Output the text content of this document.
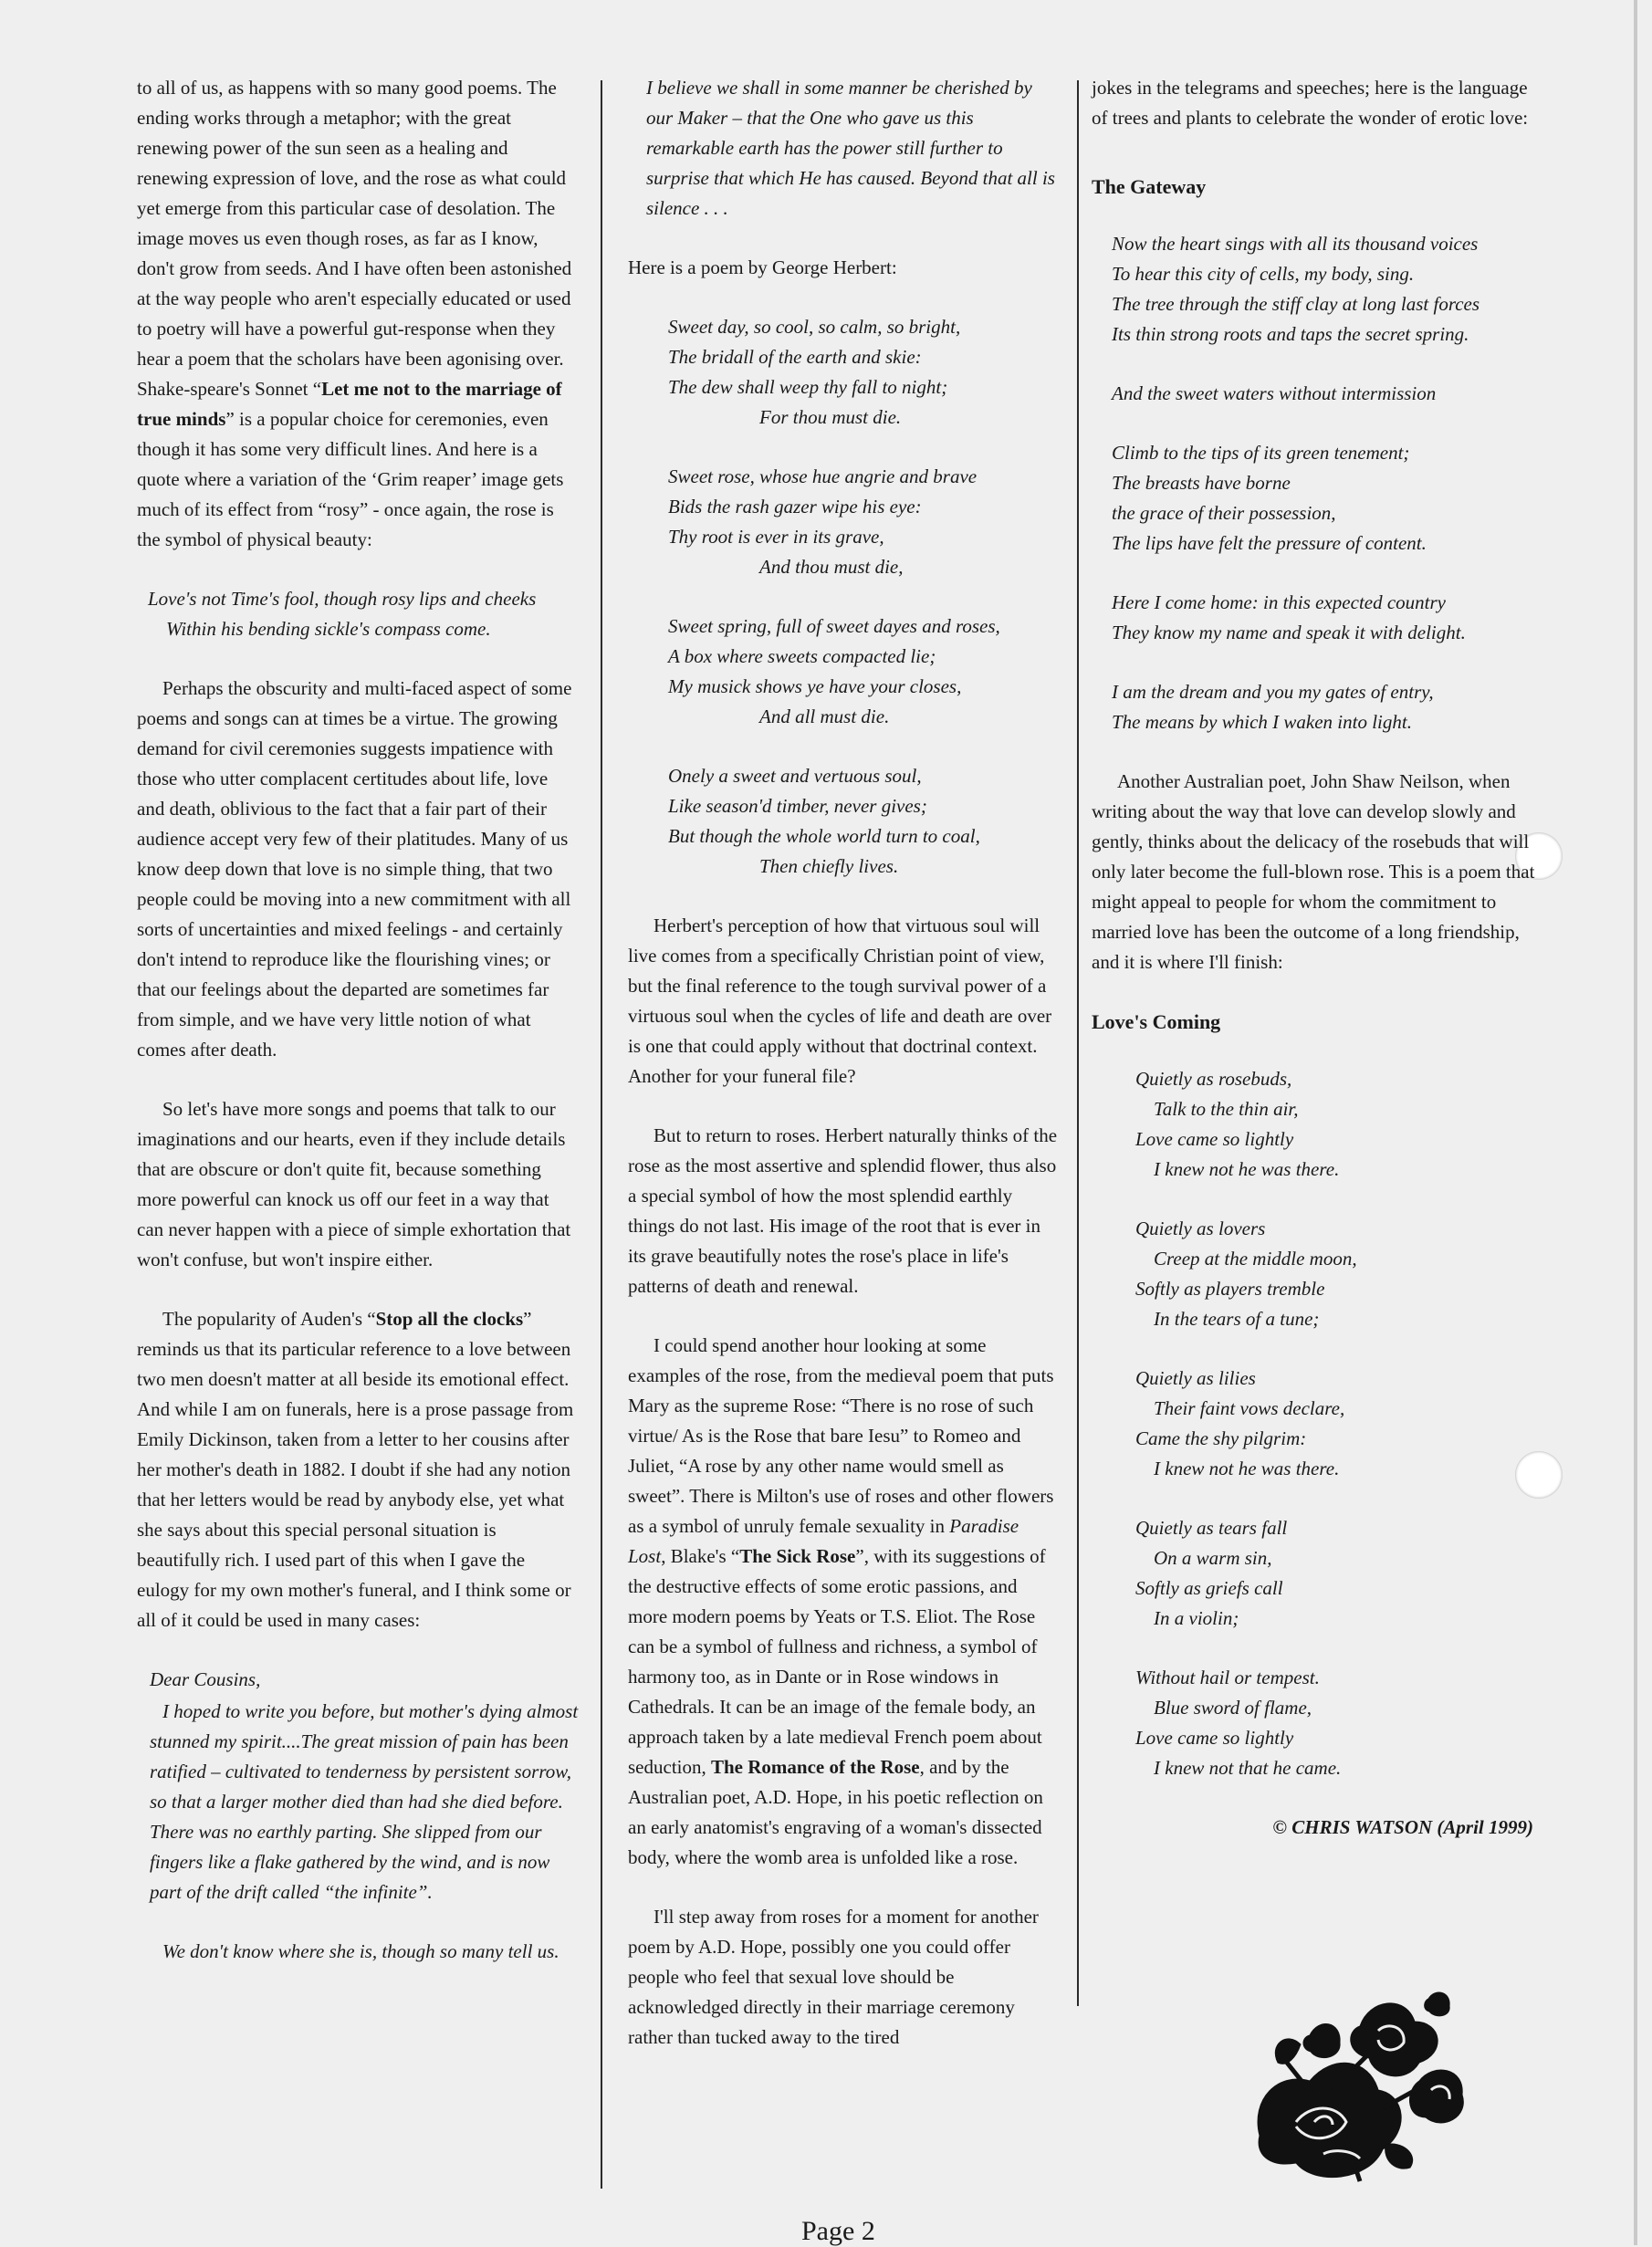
to all of us, as happens with so many good poems. The ending works through a metaphor; with the great renewing power of the sun seen as a healing and renewing expression of love, and the rose as what could yet emerge from this particular case of desolation. The image moves us even though roses, as far as I know, don't grow from seeds. And I have often been astonished at the way people who aren't especially educated or used to poetry will have a powerful gut-response when they hear a poem that the scholars have been agonising over. Shake-speare's Sonnet “Let me not to the marriage of true minds” is a popular choice for ceremonies, even though it has some very difficult lines. And here is a quote where a variation of the ‘Grim reaper’ image gets much of its effect from “rosy” - once again, the rose is the symbol of physical beauty:

Love's not Time's fool, though rosy lips and cheeks
Within his bending sickle's compass come.

Perhaps the obscurity and multi-faced aspect of some poems and songs can at times be a virtue. The growing demand for civil ceremonies suggests impatience with those who utter complacent certitudes about life, love and death, oblivious to the fact that a fair part of their audience accept very few of their platitudes. Many of us know deep down that love is no simple thing, that two people could be moving into a new commitment with all sorts of uncertainties and mixed feelings - and certainly don't intend to reproduce like the flourishing vines; or that our feelings about the departed are sometimes far from simple, and we have very little notion of what comes after death.

So let's have more songs and poems that talk to our imaginations and our hearts, even if they include details that are obscure or don't quite fit, because something more powerful can knock us off our feet in a way that can never happen with a piece of simple exhortation that won't confuse, but won't inspire either.

The popularity of Auden's “Stop all the clocks” reminds us that its particular reference to a love between two men doesn't matter at all beside its emotional effect. And while I am on funerals, here is a prose passage from Emily Dickinson, taken from a letter to her cousins after her mother's death in 1882. I doubt if she had any notion that her letters would be read by anybody else, yet what she says about this special personal situation is beautifully rich. I used part of this when I gave the eulogy for my own mother's funeral, and I think some or all of it could be used in many cases:

Dear Cousins,
I hoped to write you before, but mother's dying almost stunned my spirit....The great mission of pain has been ratified – cultivated to tenderness by persistent sorrow, so that a larger mother died than had she died before. There was no earthly parting. She slipped from our fingers like a flake gathered by the wind, and is now part of the drift called “the infinite”.
We don't know where she is, though so many tell us.

I believe we shall in some manner be cherished by our Maker – that the One who gave us this remarkable earth has the power still further to surprise that which He has caused. Beyond that all is silence . . .

Here is a poem by George Herbert:

Sweet day, so cool, so calm, so bright,
The bridall of the earth and skie:
The dew shall weep thy fall to night;
For thou must die.
Sweet rose, whose hue angrie and brave
Bids the rash gazer wipe his eye:
Thy root is ever in its grave,
And thou must die,
Sweet spring, full of sweet dayes and roses,
A box where sweets compacted lie;
My musick shows ye have your closes,
And all must die.
Onely a sweet and vertuous soul,
Like season'd timber, never gives;
But though the whole world turn to coal,
Then chiefly lives.

Herbert's perception of how that virtuous soul will live comes from a specifically Christian point of view, but the final reference to the tough survival power of a virtuous soul when the cycles of life and death are over is one that could apply without that doctrinal context. Another for your funeral file?

But to return to roses. Herbert naturally thinks of the rose as the most assertive and splendid flower, thus also a special symbol of how the most splendid earthly things do not last. His image of the root that is ever in its grave beautifully notes the rose's place in life's patterns of death and renewal.

I could spend another hour looking at some examples of the rose, from the medieval poem that puts Mary as the supreme Rose: “There is no rose of such virtue/ As is the Rose that bare Iesu” to Romeo and Juliet, “A rose by any other name would smell as sweet”. There is Milton's use of roses and other flowers as a symbol of unruly female sexuality in Paradise Lost, Blake's “The Sick Rose”, with its suggestions of the destructive effects of some erotic passions, and more modern poems by Yeats or T.S. Eliot. The Rose can be a symbol of fullness and richness, a symbol of harmony too, as in Dante or in Rose windows in Cathedrals. It can be an image of the female body, an approach taken by a late medieval French poem about seduction, The Romance of the Rose, and by the Australian poet, A.D. Hope, in his poetic reflection on an early anatomist's engraving of a woman's dissected body, where the womb area is unfolded like a rose.

I'll step away from roses for a moment for another poem by A.D. Hope, possibly one you could offer people who feel that sexual love should be acknowledged directly in their marriage ceremony rather than tucked away to the tired

jokes in the telegrams and speeches; here is the language of trees and plants to celebrate the wonder of erotic love:

The Gateway
Now the heart sings with all its thousand voices
To hear this city of cells, my body, sing.
The tree through the stiff clay at long last forces
Its thin strong roots and taps the secret spring.
And the sweet waters without intermission
Climb to the tips of its green tenement;
The breasts have borne
the grace of their possession,
The lips have felt the pressure of content.
Here I come home: in this expected country
They know my name and speak it with delight.
I am the dream and you my gates of entry,
The means by which I waken into light.

Another Australian poet, John Shaw Neilson, when writing about the way that love can develop slowly and gently, thinks about the delicacy of the rosebuds that will only later become the full-blown rose. This is a poem that might appeal to people for whom the commitment to married love has been the outcome of a long friendship, and it is where I'll finish:

Love's Coming
Quietly as rosebuds,
Talk to the thin air,
Love came so lightly
I knew not he was there.
Quietly as lovers
Creep at the middle moon,
Softly as players tremble
In the tears of a tune;
Quietly as lilies
Their faint vows declare,
Came the shy pilgrim:
I knew not he was there.
Quietly as tears fall
On a warm sin,
Softly as griefs call
In a violin;
Without hail or tempest.
Blue sword of flame,
Love came so lightly
I knew not that he came.
© CHRIS WATSON (April 1999)
Page 2
